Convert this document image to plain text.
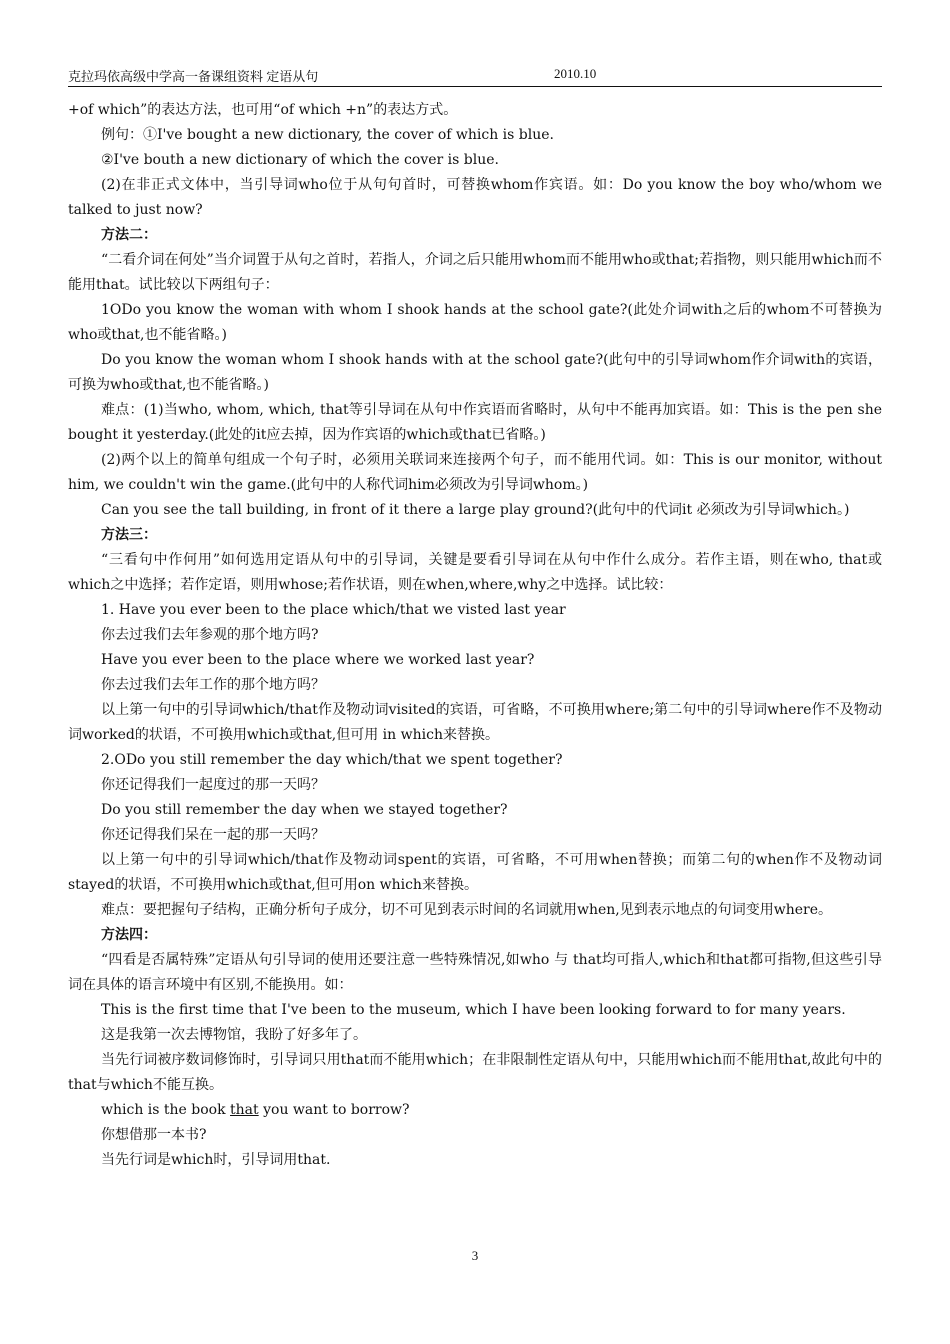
克拉玛依高级中学高一备课组资料 定语从句	2010.10

+of which”的表达方法，也可用“of which +n”的表达方式。

例句：①I've bought a new dictionary, the cover of which is blue.

②I've bouth a new dictionary of which the cover is blue.

(2)在非正式文体中，当引导词who位于从句句首时，可替换whom作宾语。如：Do you know the boy who/whom we talked to just now?

方法二：

“二看介词在何处”当介词置于从句之首时，若指人，介词之后只能用whom而不能用who或that;若指物，则只能用which而不能用that。试比较以下两组句子：

1ODo you know the woman with whom I shook hands at the school gate?(此处介词with之后的whom不可替换为who或that,也不能省略。)

Do you know the woman whom I shook hands with at the school gate?(此句中的引导词whom作介词with的宾语，可换为who或that,也不能省略。)

难点：(1)当who, whom, which, that等引导词在从句中作宾语而省略时，从句中不能再加宾语。如：This is the pen she bought it yesterday.(此处的it应去掉，因为作宾语的which或that已省略。)

(2)两个以上的简单句组成一个句子时，必须用关联词来连接两个句子，而不能用代词。如：This is our monitor, without him, we couldn't win the game.(此句中的人称代词him必须改为引导词whom。)

Can you see the tall building, in front of it there a large play ground?(此句中的代词it 必须改为引导词which。)

方法三：

“三看句中作何用”如何选用定语从句中的引导词，关键是要看引导词在从句中作什么成分。若作主语，则在who, that或which之中选择；若作定语，则用whose;若作状语，则在when,where,why之中选择。试比较：

1. Have you ever been to the place which/that we visted last year

你去过我们去年参观的那个地方吗?

Have you ever been to the place where we worked last year?

你去过我们去年工作的那个地方吗？

以上第一句中的引导词which/that作及物动词visited的宾语，可省略，不可换用where;第二句中的引导词where作不及物动词worked的状语，不可换用which或that,但可用 in which来替换。

2.ODo you still remember the day which/that we spent together?

你还记得我们一起度过的那一天吗？

Do you still remember the day when we stayed together?

你还记得我们呆在一起的那一天吗？

以上第一句中的引导词which/that作及物动词spent的宾语，可省略，不可用when替换；而第二句的when作不及物动词stayed的状语，不可换用which或that,但可用on which来替换。

难点：要把握句子结构，正确分析句子成分，切不可见到表示时间的名词就用when,见到表示地点的句词变用where。

方法四：

“四看是否属特殊”定语从句引导词的使用还要注意一些特殊情况,如who 与 that均可指人,which和that都可指物,但这些引导词在具体的语言环境中有区别,不能换用。如：

This is the first time that I've been to the museum, which I have been looking forward to for many years.

这是我第一次去博物馆，我盼了好多年了。

当先行词被序数词修饰时，引导词只用that而不能用which；在非限制性定语从句中，只能用which而不能用that,故此句中的that与which不能互换。

which is the book that you want to borrow?

你想借那一本书?

当先行词是which时，引导词用that.

3
